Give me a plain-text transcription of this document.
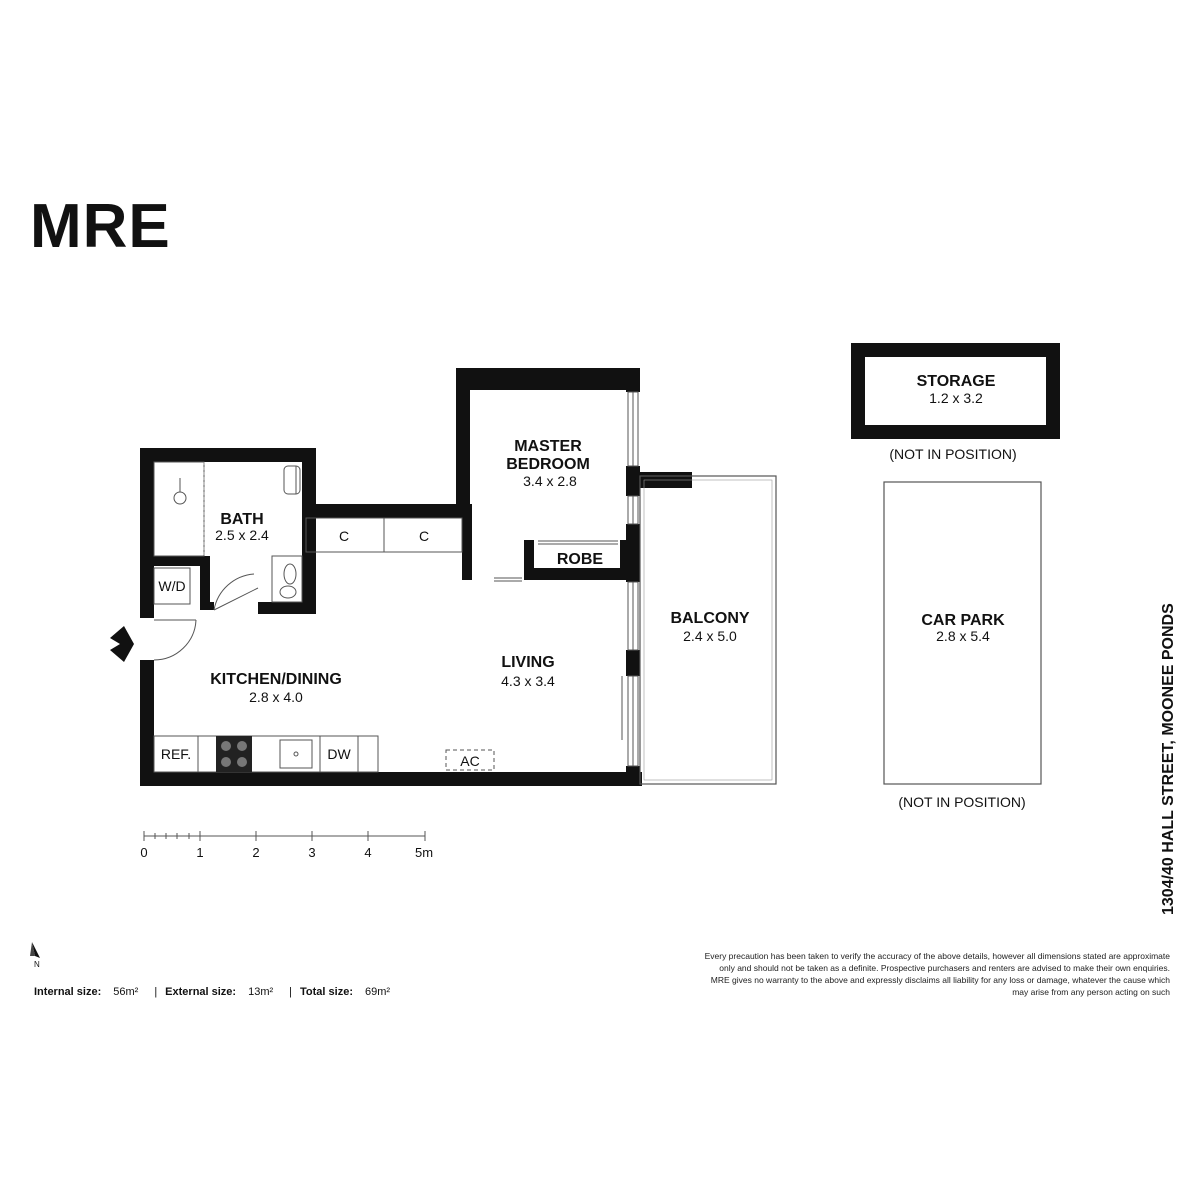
MRE
MASTER
BEDROOM
3.4 x 2.8
BATH
2.5 x 2.4
ROBE
BALCONY
2.4 x 5.0
LIVING
4.3 x 3.4
KITCHEN/DINING
2.8 x 4.0
C	C
W/D
REF.	DW	AC
STORAGE
1.2 x 3.2
(NOT IN POSITION)
CAR PARK
2.8 x 5.4
(NOT IN POSITION)
0	1	2	3	4	5m
N
1304/40 HALL STREET, MOONEE PONDS
Internal size: 56m² | External size: 13m² | Total size: 69m²
Every precaution has been taken to verify the accuracy of the above details, however all dimensions stated are approximate only and should not be taken as a definite. Prospective purchasers and renters are advised to make their own enquiries. MRE gives no warranty to the above and expressly disclaims all liability for any loss or damage, whatever the cause which may arise from any person acting on such
